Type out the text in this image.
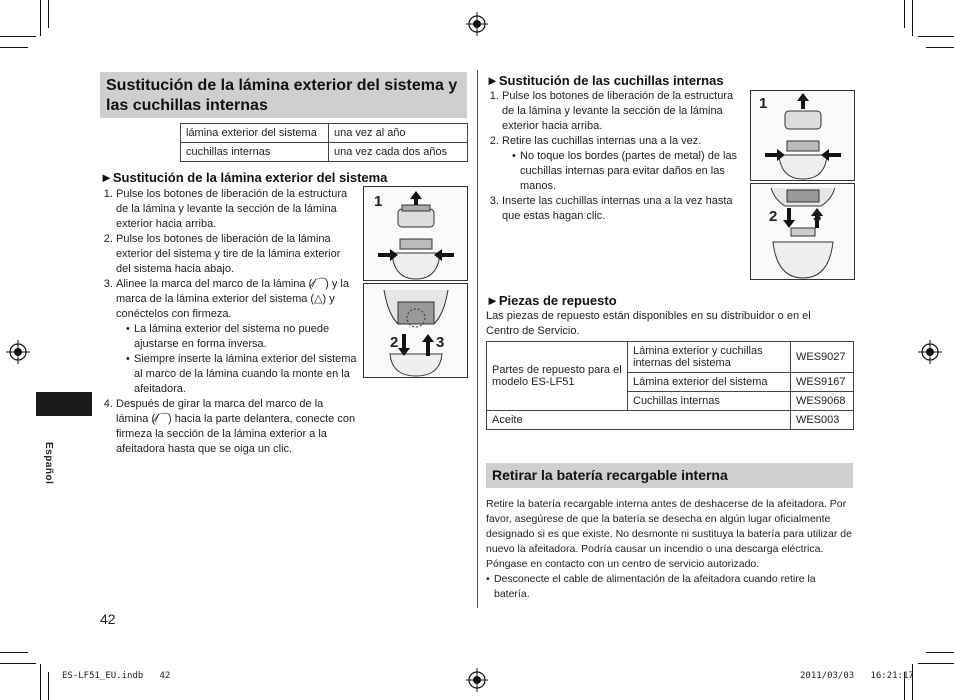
Español
Sustitución de la lámina exterior del sistema y las cuchillas internas
lámina exterior del sistema	una vez al año
cuchillas internas	una vez cada dos años
►Sustitución de la lámina exterior del sistema
1. Pulse los botones de liberación de la estructura de la lámina y levante la sección de la lámina exterior hacia arriba.
2. Pulse los botones de liberación de la lámina exterior del sistema y tire de la lámina exterior del sistema hacia abajo.
3. Alinee la marca del marco de la lámina (⁄̸⌒) y la marca de la lámina exterior del sistema (△) y conéctelos con firmeza.
• La lámina exterior del sistema no puede ajustarse en forma inversa.
• Siempre inserte la lámina exterior del sistema al marco de la lámina cuando la monte en la afeitadora.
4. Después de girar la marca del marco de la lámina (⁄̸⌒) hacia la parte delantera, conecte con firmeza la sección de la lámina exterior a la afeitadora hasta que se oiga un clic.
1
2	3
42
►Sustitución de las cuchillas internas
1. Pulse los botones de liberación de la estructura de la lámina y levante la sección de la lámina exterior hacia arriba.
2. Retire las cuchillas internas una a la vez.
• No toque los bordes (partes de metal) de las cuchillas internas para evitar daños en las manos.
3. Inserte las cuchillas internas una a la vez hasta que estas hagan clic.
1
2 3
►Piezas de repuesto
Las piezas de repuesto están disponibles en su distribuidor o en el Centro de Servicio.
Partes de repuesto para el modelo ES-LF51	Lámina exterior y cuchillas internas del sistema	WES9027
	Lámina exterior del sistema	WES9167
	Cuchillas internas	WES9068
Aceite		WES003
Retirar la batería recargable interna
Retire la batería recargable interna antes de deshacerse de la afeitadora. Por favor, asegúrese de que la batería se desecha en algún lugar oficialmente designado si es que existe. No desmonte ni sustituya la batería para utilizar de nuevo la afeitadora. Podría causar un incendio o una descarga eléctrica. Póngase en contacto con un centro de servicio autorizado.
• Desconecte el cable de alimentación de la afeitadora cuando retire la batería.
ES-LF51_EU.indb   42	2011/03/03   16:21:17
